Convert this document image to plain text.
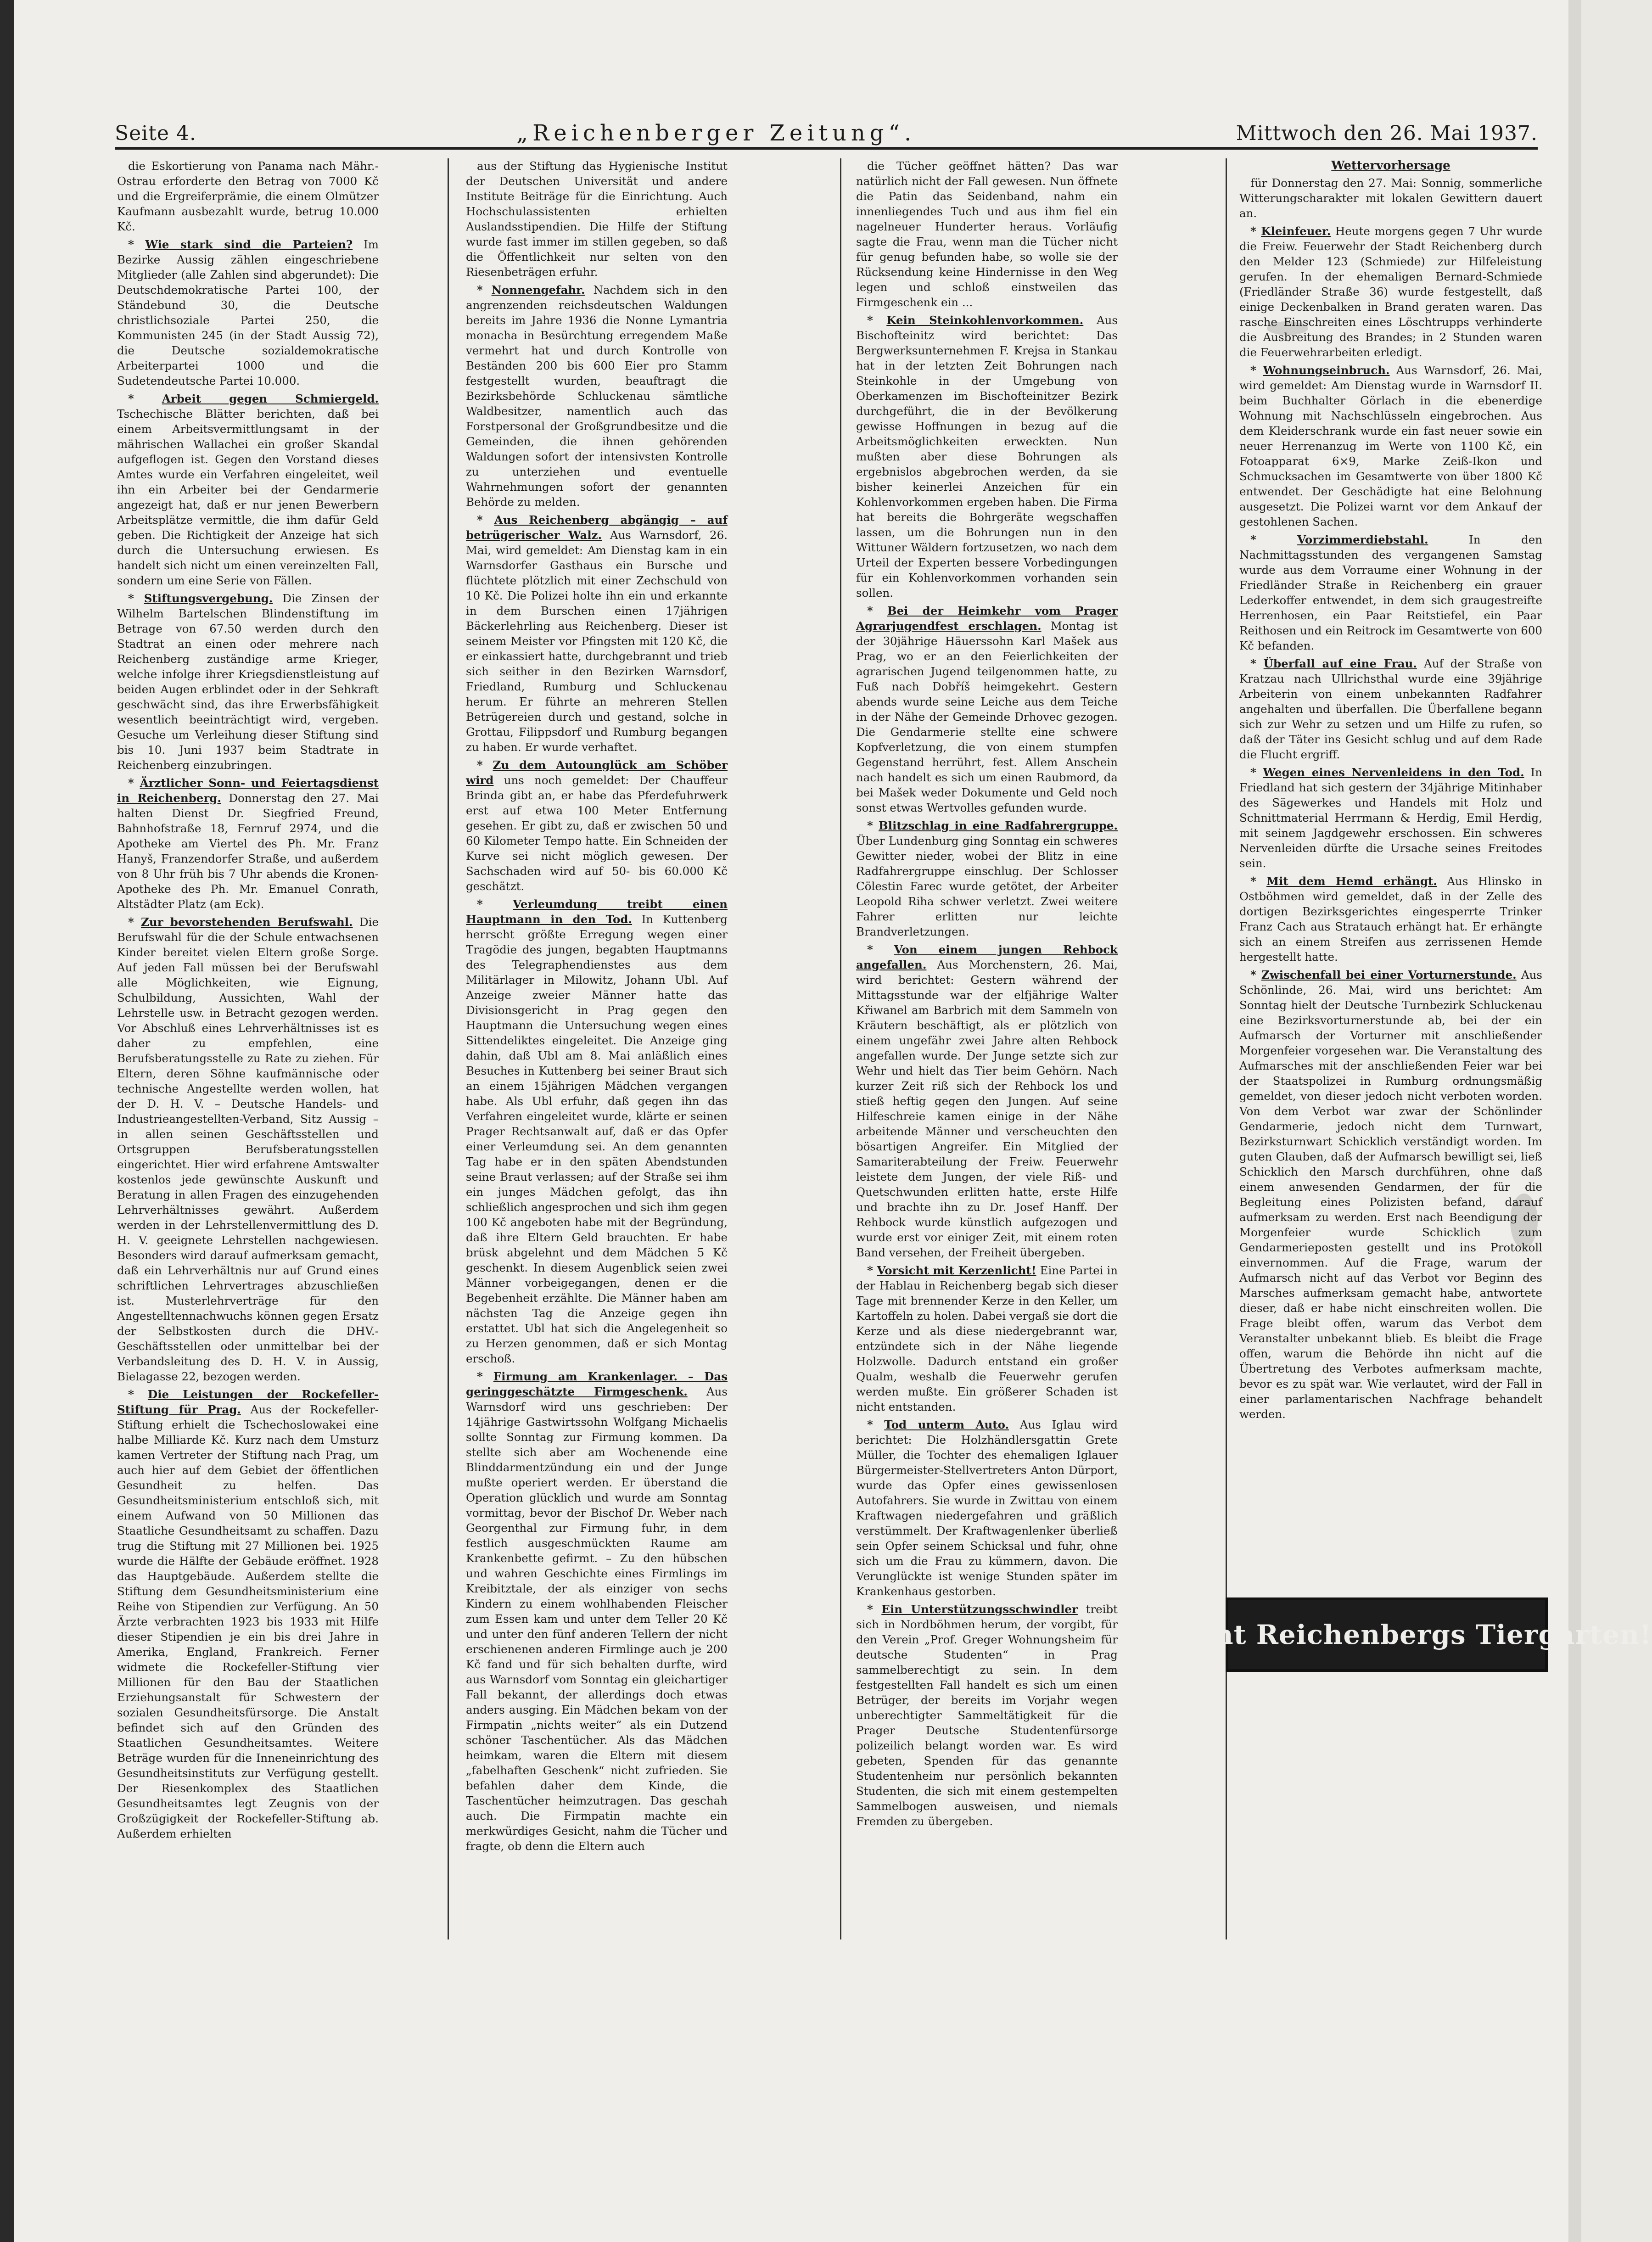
Seite 4.	„Reichenberger Zeitung“.	Mittwoch den 26. Mai 1937.

die Eskortierung von Panama nach Mähr.-Ostrau erforderte den Betrag von 7000 Kč und die Ergreiferprämie, die einem Olmützer Kaufmann ausbezahlt wurde, betrug 10.000 Kč.

* Wie stark sind die Parteien? Im Bezirke Aussig zählen eingeschriebene Mitglieder (alle Zahlen sind abgerundet): Die Deutschdemokratische Partei 100, der Ständebund 30, die Deutsche christlichsoziale Partei 250, die Kommunisten 245 (in der Stadt Aussig 72), die Deutsche sozialdemokratische Arbeiterpartei 1000 und die Sudetendeutsche Partei 10.000.

* Arbeit gegen Schmiergeld. Tschechische Blätter berichten, daß bei einem Arbeitsvermittlungsamt in der mährischen Wallachei ein großer Skandal aufgeflogen ist. Gegen den Vorstand dieses Amtes wurde ein Verfahren eingeleitet, weil ihn ein Arbeiter bei der Gendarmerie angezeigt hat, daß er nur jenen Bewerbern Arbeitsplätze vermittle, die ihm dafür Geld geben. Die Richtigkeit der Anzeige hat sich durch die Untersuchung erwiesen. Es handelt sich nicht um einen vereinzelten Fall, sondern um eine Serie von Fällen.

* Stiftungsvergebung. Die Zinsen der Wilhelm Bartelschen Blindenstiftung im Betrage von 67.50 werden durch den Stadtrat an einen oder mehrere nach Reichenberg zuständige arme Krieger, welche infolge ihrer Kriegsdienstleistung auf beiden Augen erblindet oder in der Sehkraft geschwächt sind, das ihre Erwerbsfähigkeit wesentlich beeinträchtigt wird, vergeben. Gesuche um Verleihung dieser Stiftung sind bis 10. Juni 1937 beim Stadtrate in Reichenberg einzubringen.

* Ärztlicher Sonn- und Feiertagsdienst in Reichenberg. Donnerstag den 27. Mai halten Dienst Dr. Siegfried Freund, Bahnhofstraße 18, Fernruf 2974, und die Apotheke am Viertel des Ph. Mr. Franz Hanyš, Franzendorfer Straße, und außerdem von 8 Uhr früh bis 7 Uhr abends die Kronen-Apotheke des Ph. Mr. Emanuel Conrath, Altstädter Platz (am Eck).

* Zur bevorstehenden Berufswahl. Die Berufswahl für die der Schule entwachsenen Kinder bereitet vielen Eltern große Sorge. Auf jeden Fall müssen bei der Berufswahl alle Möglichkeiten, wie Eignung, Schulbildung, Aussichten, Wahl der Lehrstelle usw. in Betracht gezogen werden. Vor Abschluß eines Lehrverhältnisses ist es daher zu empfehlen, eine Berufsberatungsstelle zu Rate zu ziehen. Für Eltern, deren Söhne kaufmännische oder technische Angestellte werden wollen, hat der D. H. V. – Deutsche Handels- und Industrieangestellten-Verband, Sitz Aussig – in allen seinen Geschäftsstellen und Ortsgruppen Berufsberatungsstellen eingerichtet. Hier wird erfahrene Amtswalter kostenlos jede gewünschte Auskunft und Beratung in allen Fragen des einzugehenden Lehrverhältnisses gewährt. Außerdem werden in der Lehrstellenvermittlung des D. H. V. geeignete Lehrstellen nachgewiesen. Besonders wird darauf aufmerksam gemacht, daß ein Lehrverhältnis nur auf Grund eines schriftlichen Lehrvertrages abzuschließen ist. Musterlehrverträge für den Angestelltennachwuchs können gegen Ersatz der Selbstkosten durch die DHV.-Geschäftsstellen oder unmittelbar bei der Verbandsleitung des D. H. V. in Aussig, Bielagasse 22, bezogen werden.

* Die Leistungen der Rockefeller-Stiftung für Prag. Aus der Rockefeller-Stiftung erhielt die Tschechoslowakei eine halbe Milliarde Kč. Kurz nach dem Umsturz kamen Vertreter der Stiftung nach Prag, um auch hier auf dem Gebiet der öffentlichen Gesundheit zu helfen. Das Gesundheitsministerium entschloß sich, mit einem Aufwand von 50 Millionen das Staatliche Gesundheitsamt zu schaffen. Dazu trug die Stiftung mit 27 Millionen bei. 1925 wurde die Hälfte der Gebäude eröffnet. 1928 das Hauptgebäude. Außerdem stellte die Stiftung dem Gesundheitsministerium eine Reihe von Stipendien zur Verfügung. An 50 Ärzte verbrachten 1923 bis 1933 mit Hilfe dieser Stipendien je ein bis drei Jahre in Amerika, England, Frankreich. Ferner widmete die Rockefeller-Stiftung vier Millionen für den Bau der Staatlichen Erziehungsanstalt für Schwestern der sozialen Gesundheitsfürsorge. Die Anstalt befindet sich auf den Gründen des Staatlichen Gesundheitsamtes. Weitere Beträge wurden für die Inneneinrichtung des Gesundheitsinstituts zur Verfügung gestellt. Der Riesenkomplex des Staatlichen Gesundheitsamtes legt Zeugnis von der Großzügigkeit der Rockefeller-Stiftung ab. Außerdem erhielten

aus der Stiftung das Hygienische Institut der Deutschen Universität und andere Institute Beiträge für die Einrichtung. Auch Hochschulassistenten erhielten Auslandsstipendien. Die Hilfe der Stiftung wurde fast immer im stillen gegeben, so daß die Öffentlichkeit nur selten von den Riesenbeträgen erfuhr.

* Nonnengefahr. Nachdem sich in den angrenzenden reichsdeutschen Waldungen bereits im Jahre 1936 die Nonne Lymantria monacha in Besürchtung erregendem Maße vermehrt hat und durch Kontrolle von Beständen 200 bis 600 Eier pro Stamm festgestellt wurden, beauftragt die Bezirksbehörde Schluckenau sämtliche Waldbesitzer, namentlich auch das Forstpersonal der Großgrundbesitze und die Gemeinden, die ihnen gehörenden Waldungen sofort der intensivsten Kontrolle zu unterziehen und eventuelle Wahrnehmungen sofort der genannten Behörde zu melden.

* Aus Reichenberg abgängig – auf betrügerischer Walz. Aus Warnsdorf, 26. Mai, wird gemeldet: Am Dienstag kam in ein Warnsdorfer Gasthaus ein Bursche und flüchtete plötzlich mit einer Zechschuld von 10 Kč. Die Polizei holte ihn ein und erkannte in dem Burschen einen 17jährigen Bäckerlehrling aus Reichenberg. Dieser ist seinem Meister vor Pfingsten mit 120 Kč, die er einkassiert hatte, durchgebrannt und trieb sich seither in den Bezirken Warnsdorf, Friedland, Rumburg und Schluckenau herum. Er führte an mehreren Stellen Betrügereien durch und gestand, solche in Grottau, Filippsdorf und Rumburg begangen zu haben. Er wurde verhaftet.

* Zu dem Autounglück am Schöber wird uns noch gemeldet: Der Chauffeur Brinda gibt an, er habe das Pferdefuhrwerk erst auf etwa 100 Meter Entfernung gesehen. Er gibt zu, daß er zwischen 50 und 60 Kilometer Tempo hatte. Ein Schneiden der Kurve sei nicht möglich gewesen. Der Sachschaden wird auf 50- bis 60.000 Kč geschätzt.

* Verleumdung treibt einen Hauptmann in den Tod. In Kuttenberg herrscht größte Erregung wegen einer Tragödie des jungen, begabten Hauptmanns des Telegraphendienstes aus dem Militärlager in Milowitz, Johann Ubl. Auf Anzeige zweier Männer hatte das Divisionsgericht in Prag gegen den Hauptmann die Untersuchung wegen eines Sittendeliktes eingeleitet. Die Anzeige ging dahin, daß Ubl am 8. Mai anläßlich eines Besuches in Kuttenberg bei seiner Braut sich an einem 15jährigen Mädchen vergangen habe. Als Ubl erfuhr, daß gegen ihn das Verfahren eingeleitet wurde, klärte er seinen Prager Rechtsanwalt auf, daß er das Opfer einer Verleumdung sei. An dem genannten Tag habe er in den späten Abendstunden seine Braut verlassen; auf der Straße sei ihm ein junges Mädchen gefolgt, das ihn schließlich angesprochen und sich ihm gegen 100 Kč angeboten habe mit der Begründung, daß ihre Eltern Geld brauchten. Er habe brüsk abgelehnt und dem Mädchen 5 Kč geschenkt. In diesem Augenblick seien zwei Männer vorbeigegangen, denen er die Begebenheit erzählte. Die Männer haben am nächsten Tag die Anzeige gegen ihn erstattet. Ubl hat sich die Angelegenheit so zu Herzen genommen, daß er sich Montag erschoß.

* Firmung am Krankenlager. – Das geringgeschätzte Firmgeschenk. Aus Warnsdorf wird uns geschrieben: Der 14jährige Gastwirtssohn Wolfgang Michaelis sollte Sonntag zur Firmung kommen. Da stellte sich aber am Wochenende eine Blinddarmentzündung ein und der Junge mußte operiert werden. Er überstand die Operation glücklich und wurde am Sonntag vormittag, bevor der Bischof Dr. Weber nach Georgenthal zur Firmung fuhr, in dem festlich ausgeschmückten Raume am Krankenbette gefirmt. – Zu den hübschen und wahren Geschichte eines Firmlings im Kreibitztale, der als einziger von sechs Kindern zu einem wohlhabenden Fleischer zum Essen kam und unter dem Teller 20 Kč und unter den fünf anderen Tellern der nicht erschienenen anderen Firmlinge auch je 200 Kč fand und für sich behalten durfte, wird aus Warnsdorf vom Sonntag ein gleichartiger Fall bekannt, der allerdings doch etwas anders ausging. Ein Mädchen bekam von der Firmpatin „nichts weiter“ als ein Dutzend schöner Taschentücher. Als das Mädchen heimkam, waren die Eltern mit diesem „fabelhaften Geschenk“ nicht zufrieden. Sie befahlen daher dem Kinde, die Taschentücher heimzutragen. Das geschah auch. Die Firmpatin machte ein merkwürdiges Gesicht, nahm die Tücher und fragte, ob denn die Eltern auch

die Tücher geöffnet hätten? Das war natürlich nicht der Fall gewesen. Nun öffnete die Patin das Seidenband, nahm ein innenliegendes Tuch und aus ihm fiel ein nagelneuer Hunderter heraus. Vorläufig sagte die Frau, wenn man die Tücher nicht für genug befunden habe, so wolle sie der Rücksendung keine Hindernisse in den Weg legen und schloß einstweilen das Firmgeschenk ein ...

* Kein Steinkohlenvorkommen. Aus Bischofteinitz wird berichtet: Das Bergwerksunternehmen F. Krejsa in Stankau hat in der letzten Zeit Bohrungen nach Steinkohle in der Umgebung von Oberkamenzen im Bischofteinitzer Bezirk durchgeführt, die in der Bevölkerung gewisse Hoffnungen in bezug auf die Arbeitsmöglichkeiten erweckten. Nun mußten aber diese Bohrungen als ergebnislos abgebrochen werden, da sie bisher keinerlei Anzeichen für ein Kohlenvorkommen ergeben haben. Die Firma hat bereits die Bohrgeräte wegschaffen lassen, um die Bohrungen nun in den Wittuner Wäldern fortzusetzen, wo nach dem Urteil der Experten bessere Vorbedingungen für ein Kohlenvorkommen vorhanden sein sollen.

* Bei der Heimkehr vom Prager Agrarjugendfest erschlagen. Montag ist der 30jährige Häuerssohn Karl Mašek aus Prag, wo er an den Feierlichkeiten der agrarischen Jugend teilgenommen hatte, zu Fuß nach Dobříš heimgekehrt. Gestern abends wurde seine Leiche aus dem Teiche in der Nähe der Gemeinde Drhovec gezogen. Die Gendarmerie stellte eine schwere Kopfverletzung, die von einem stumpfen Gegenstand herrührt, fest. Allem Anschein nach handelt es sich um einen Raubmord, da bei Mašek weder Dokumente und Geld noch sonst etwas Wertvolles gefunden wurde.

* Blitzschlag in eine Radfahrergruppe. Über Lundenburg ging Sonntag ein schweres Gewitter nieder, wobei der Blitz in eine Radfahrergruppe einschlug. Der Schlosser Cölestin Farec wurde getötet, der Arbeiter Leopold Riha schwer verletzt. Zwei weitere Fahrer erlitten nur leichte Brandverletzungen.

* Von einem jungen Rehbock angefallen. Aus Morchenstern, 26. Mai, wird berichtet: Gestern während der Mittagsstunde war der elfjährige Walter Křiwanel am Barbrich mit dem Sammeln von Kräutern beschäftigt, als er plötzlich von einem ungefähr zwei Jahre alten Rehbock angefallen wurde. Der Junge setzte sich zur Wehr und hielt das Tier beim Gehörn. Nach kurzer Zeit riß sich der Rehbock los und stieß heftig gegen den Jungen. Auf seine Hilfeschreie kamen einige in der Nähe arbeitende Männer und verscheuchten den bösartigen Angreifer. Ein Mitglied der Samariterabteilung der Freiw. Feuerwehr leistete dem Jungen, der viele Riß- und Quetschwunden erlitten hatte, erste Hilfe und brachte ihn zu Dr. Josef Hanff. Der Rehbock wurde künstlich aufgezogen und wurde erst vor einiger Zeit, mit einem roten Band versehen, der Freiheit übergeben.

* Vorsicht mit Kerzenlicht! Eine Partei in der Hablau in Reichenberg begab sich dieser Tage mit brennender Kerze in den Keller, um Kartoffeln zu holen. Dabei vergaß sie dort die Kerze und als diese niedergebrannt war, entzündete sich in der Nähe liegende Holzwolle. Dadurch entstand ein großer Qualm, weshalb die Feuerwehr gerufen werden mußte. Ein größerer Schaden ist nicht entstanden.

* Tod unterm Auto. Aus Iglau wird berichtet: Die Holzhändlersgattin Grete Müller, die Tochter des ehemaligen Iglauer Bürgermeister-Stellvertreters Anton Dürport, wurde das Opfer eines gewissenlosen Autofahrers. Sie wurde in Zwittau von einem Kraftwagen niedergefahren und gräßlich verstümmelt. Der Kraftwagenlenker überließ sein Opfer seinem Schicksal und fuhr, ohne sich um die Frau zu kümmern, davon. Die Verunglückte ist wenige Stunden später im Krankenhaus gestorben.

* Ein Unterstützungsschwindler treibt sich in Nordböhmen herum, der vorgibt, für den Verein „Prof. Greger Wohnungsheim für deutsche Studenten“ in Prag sammelberechtigt zu sein. In dem festgestellten Fall handelt es sich um einen Betrüger, der bereits im Vorjahr wegen unberechtigter Sammeltätigkeit für die Prager Deutsche Studentenfürsorge polizeilich belangt worden war. Es wird gebeten, Spenden für das genannte Studentenheim nur persönlich bekannten Studenten, die sich mit einem gestempelten Sammelbogen ausweisen, und niemals Fremden zu übergeben.

Wettervorhersage

für Donnerstag den 27. Mai: Sonnig, sommerliche Witterungscharakter mit lokalen Gewittern dauert an.

* Kleinfeuer. Heute morgens gegen 7 Uhr wurde die Freiw. Feuerwehr der Stadt Reichenberg durch den Melder 123 (Schmiede) zur Hilfeleistung gerufen. In der ehemaligen Bernard-Schmiede (Friedländer Straße 36) wurde festgestellt, daß einige Deckenbalken in Brand geraten waren. Das rasche Einschreiten eines Löschtrupps verhinderte die Ausbreitung des Brandes; in 2 Stunden waren die Feuerwehrarbeiten erledigt.

* Wohnungseinbruch. Aus Warnsdorf, 26. Mai, wird gemeldet: Am Dienstag wurde in Warnsdorf II. beim Buchhalter Görlach in die ebenerdige Wohnung mit Nachschlüsseln eingebrochen. Aus dem Kleiderschrank wurde ein fast neuer sowie ein neuer Herrenanzug im Werte von 1100 Kč, ein Fotoapparat 6×9, Marke Zeiß-Ikon und Schmucksachen im Gesamtwerte von über 1800 Kč entwendet. Der Geschädigte hat eine Belohnung ausgesetzt. Die Polizei warnt vor dem Ankauf der gestohlenen Sachen.

* Vorzimmerdiebstahl.	In den Nachmittagsstunden des vergangenen Samstag wurde aus dem Vorraume einer Wohnung in der Friedländer Straße in Reichenberg ein grauer Lederkoffer entwendet, in dem sich graugestreifte Herrenhosen, ein Paar Reitstiefel, ein Paar Reithosen und ein Reitrock im Gesamtwerte von 600 Kč befanden.

* Überfall auf eine Frau. Auf der Straße von Kratzau nach Ullrichsthal wurde eine 39jährige Arbeiterin von einem unbekannten Radfahrer angehalten und überfallen. Die Überfallene begann sich zur Wehr zu setzen und um Hilfe zu rufen, so daß der Täter ins Gesicht schlug und auf dem Rade die Flucht ergriff.

* Wegen eines Nervenleidens in den Tod. In Friedland hat sich gestern der 34jährige Mitinhaber des Sägewerkes und Handels mit Holz und Schnittmaterial Herrmann & Herdig, Emil Herdig, mit seinem Jagdgewehr erschossen. Ein schweres Nervenleiden dürfte die Ursache seines Freitodes sein.

* Mit dem Hemd erhängt. Aus Hlinsko in Ostböhmen wird gemeldet, daß in der Zelle des dortigen Bezirksgerichtes eingesperrte Trinker Franz Cach aus Stratauch erhängt hat. Er erhängte sich an einem Streifen aus zerrissenen Hemde hergestellt hatte.

* Zwischenfall bei einer Vorturnerstunde. Aus Schönlinde, 26. Mai, wird uns berichtet: Am Sonntag hielt der Deutsche Turnbezirk Schluckenau eine Bezirksvorturnerstunde ab, bei der ein Aufmarsch der Vorturner mit anschließender Morgenfeier vorgesehen war. Die Veranstaltung des Aufmarsches mit der anschließenden Feier war bei der Staatspolizei in Rumburg ordnungsmäßig gemeldet, von dieser jedoch nicht verboten worden. Von dem Verbot war zwar der Schönlinder Gendarmerie, jedoch nicht dem Turnwart, Bezirksturnwart Schicklich verständigt worden. Im guten Glauben, daß der Aufmarsch bewilligt sei, ließ Schicklich den Marsch durchführen, ohne daß einem anwesenden Gendarmen, der für die Begleitung eines Polizisten befand, darauf aufmerksam zu werden. Erst nach Beendigung der Morgenfeier wurde Schicklich zum Gendarmerieposten gestellt und ins Protokoll einvernommen. Auf die Frage, warum der Aufmarsch nicht auf das Verbot vor Beginn des Marsches aufmerksam gemacht habe, antwortete dieser, daß er habe nicht einschreiten wollen. Die Frage bleibt offen, warum das Verbot dem Veranstalter unbekannt blieb. Es bleibt die Frage offen, warum die Behörde ihn nicht auf die Übertretung des Verbotes aufmerksam machte, bevor es zu spät war. Wie verlautet, wird der Fall in einer parlamentarischen Nachfrage behandelt werden.

Besucht Reichenbergs Tiergarten!
